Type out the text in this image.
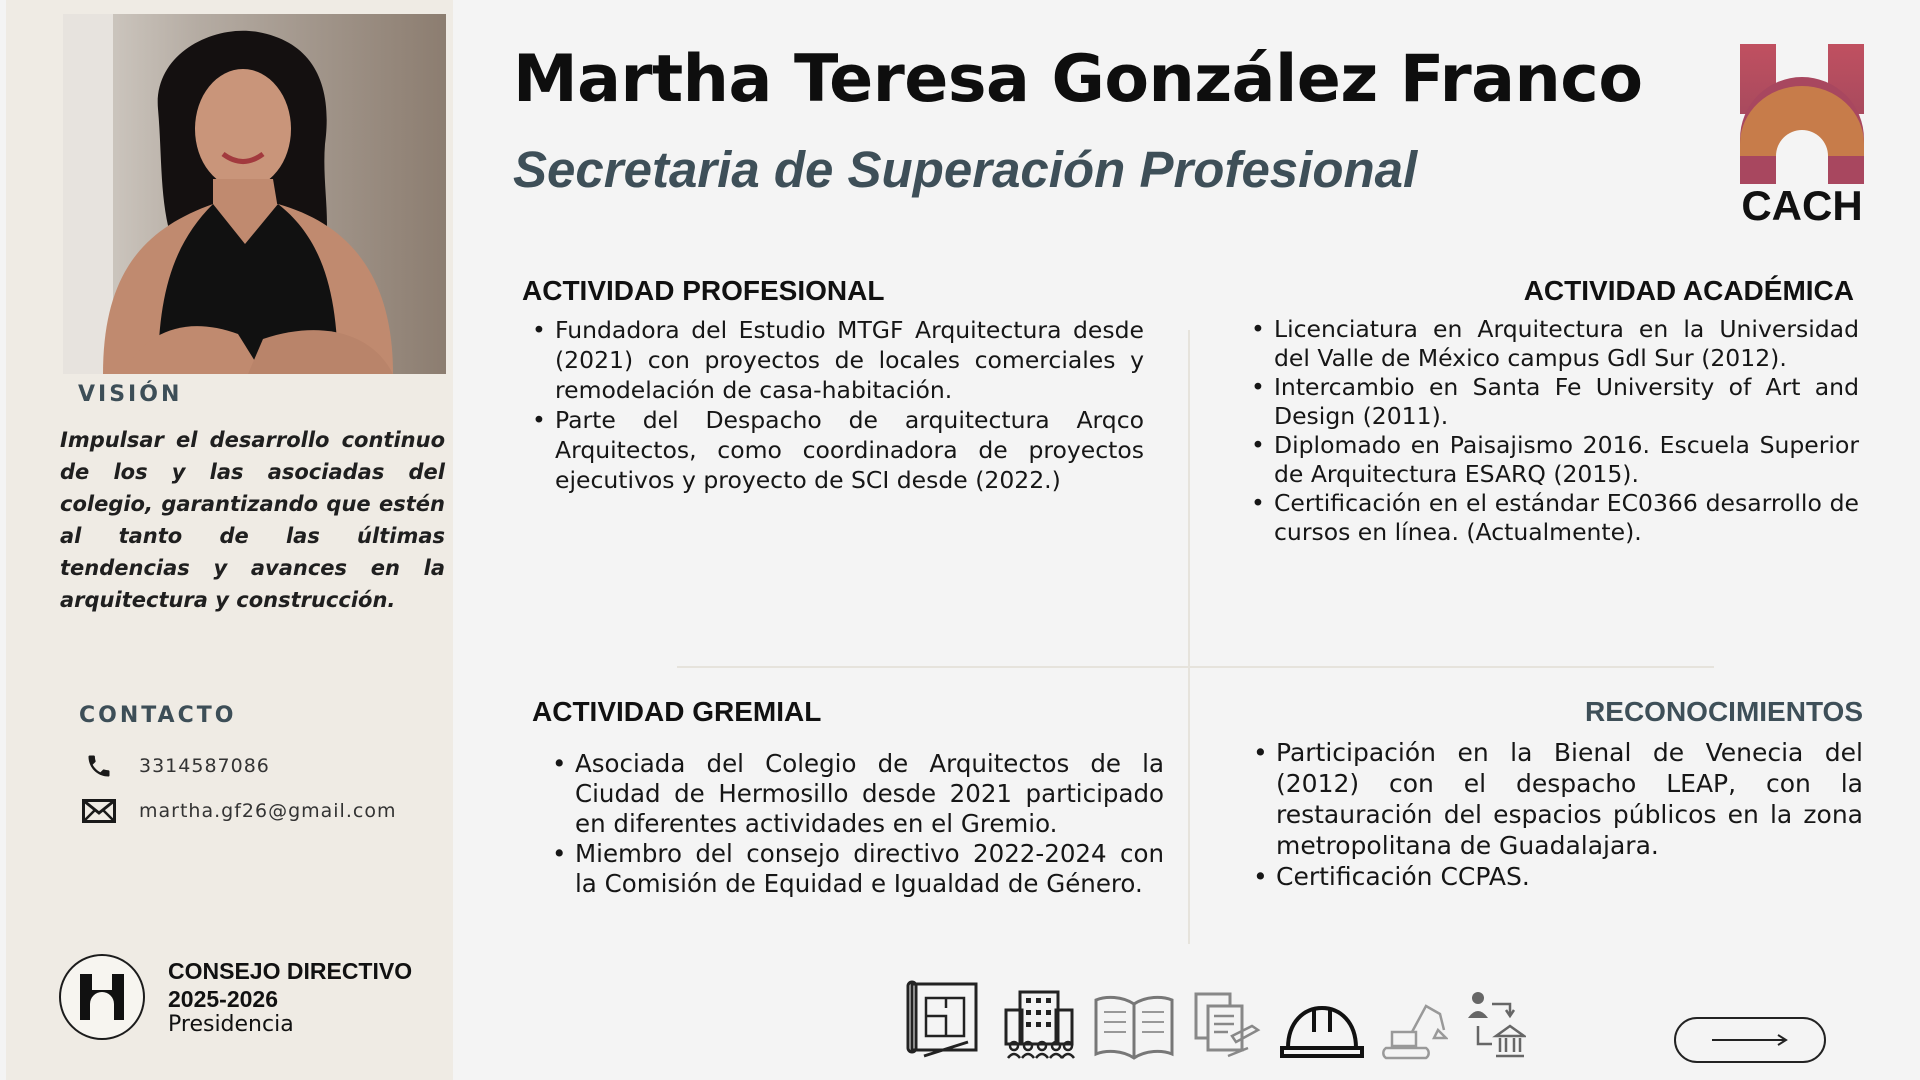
VISIÓN
Impulsar el desarrollo continuo de los y las asociadas del colegio, garantizando que estén al tanto de las últimas tendencias y avances en la arquitectura y construcción.
CONTACTO
3314587086
martha.gf26@gmail.com
CONSEJO DIRECTIVO
2025-2026
Presidencia
Martha Teresa González Franco
Secretaria de Superación Profesional
CACH
ACTIVIDAD PROFESIONAL
• Fundadora del Estudio MTGF Arquitectura desde (2021) con proyectos de locales comerciales y remodelación de casa-habitación.
• Parte del Despacho de arquitectura Arqco Arquitectos, como coordinadora de proyectos ejecutivos y proyecto de SCI desde (2022.)
ACTIVIDAD ACADÉMICA
• Licenciatura en Arquitectura en la Universidad del Valle de México campus Gdl Sur (2012).
• Intercambio en Santa Fe University of Art and Design (2011).
• Diplomado en Paisajismo 2016. Escuela Superior de Arquitectura ESARQ (2015).
• Certificación en el estándar EC0366 desarrollo de cursos en línea. (Actualmente).
ACTIVIDAD GREMIAL
• Asociada del Colegio de Arquitectos de la Ciudad de Hermosillo desde 2021 participado en diferentes actividades en el Gremio.
• Miembro del consejo directivo 2022-2024 con la Comisión de Equidad e Igualdad de Género.
RECONOCIMIENTOS
• Participación en la Bienal de Venecia del (2012) con el despacho LEAP, con la restauración del espacios públicos en la zona metropolitana de Guadalajara.
• Certificación CCPAS.
